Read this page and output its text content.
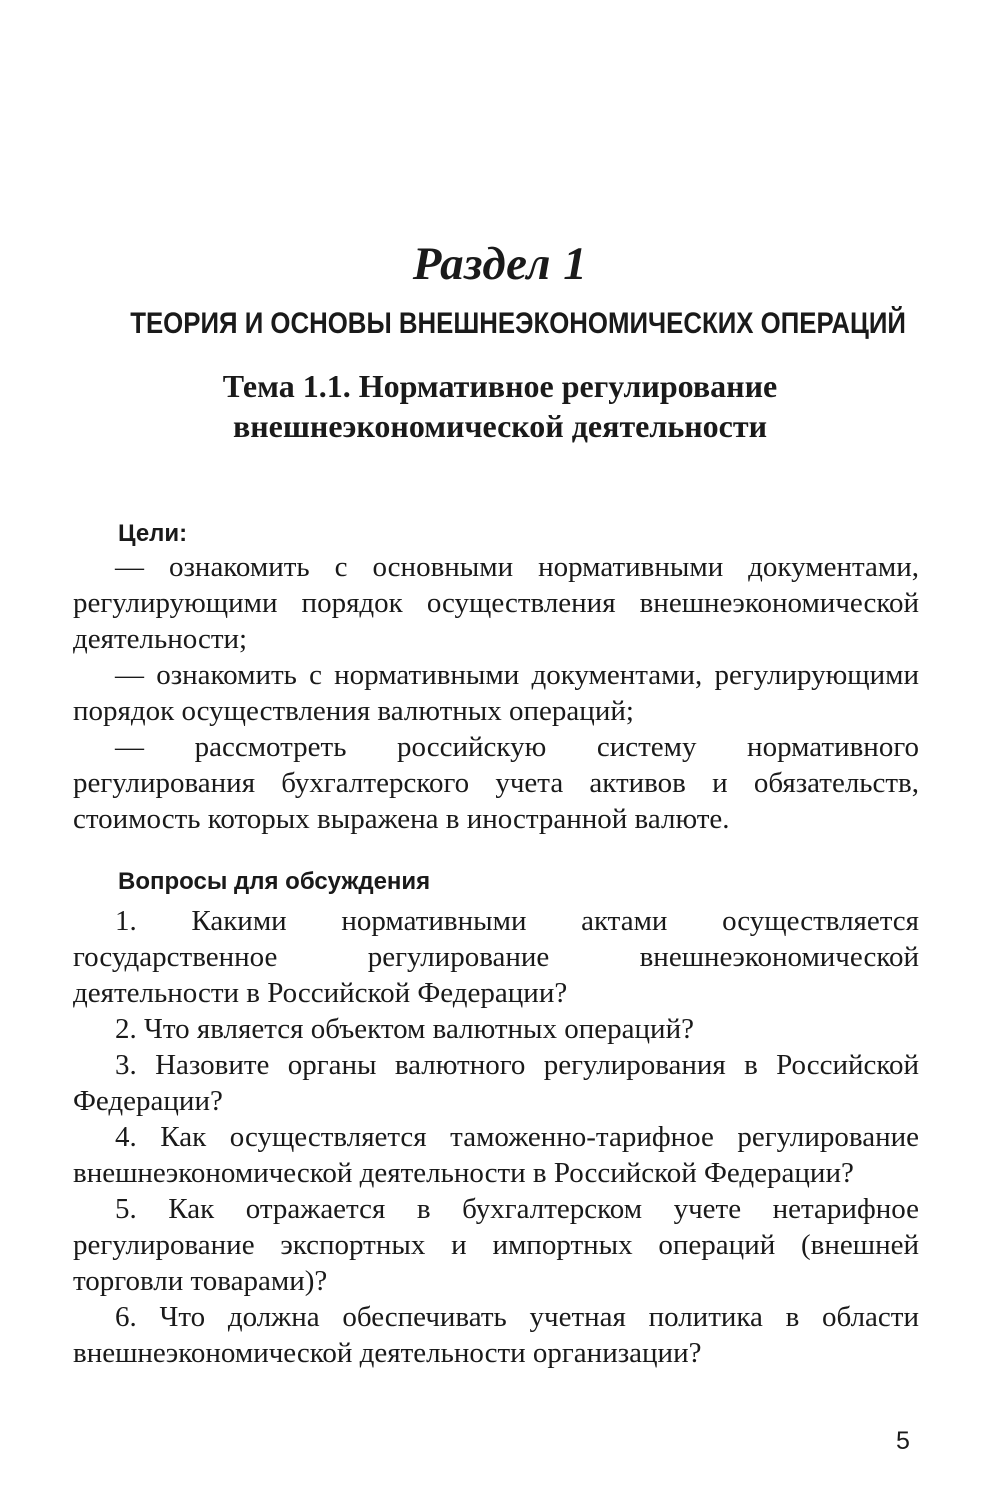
Раздел 1
ТЕОРИЯ И ОСНОВЫ ВНЕШНЕЭКОНОМИЧЕСКИХ ОПЕРАЦИЙ
Тема 1.1. Нормативное регулирование
внешнеэкономической деятельности
Цели:

— ознакомить с основными нормативными документами, регулирующими порядок осуществления внешнеэкономической деятельности;

— ознакомить с нормативными документами, регулирующими порядок осуществления валютных операций;

— рассмотреть российскую систему нормативного регулирования бухгалтерского учета активов и обязательств, стоимость которых выражена в иностранной валюте.

Вопросы для обсуждения

1. Какими нормативными актами осуществляется государственное регулирование внешнеэкономической деятельности в Российской Федерации?

2. Что является объектом валютных операций?

3. Назовите органы валютного регулирования в Российской Федерации?

4. Как осуществляется таможенно-тарифное регулирование внешнеэкономической деятельности в Российской Федерации?

5. Как отражается в бухгалтерском учете нетарифное регулирование экспортных и импортных операций (внешней торговли товарами)?

6. Что должна обеспечивать учетная политика в области внешнеэкономической деятельности организации?

5
